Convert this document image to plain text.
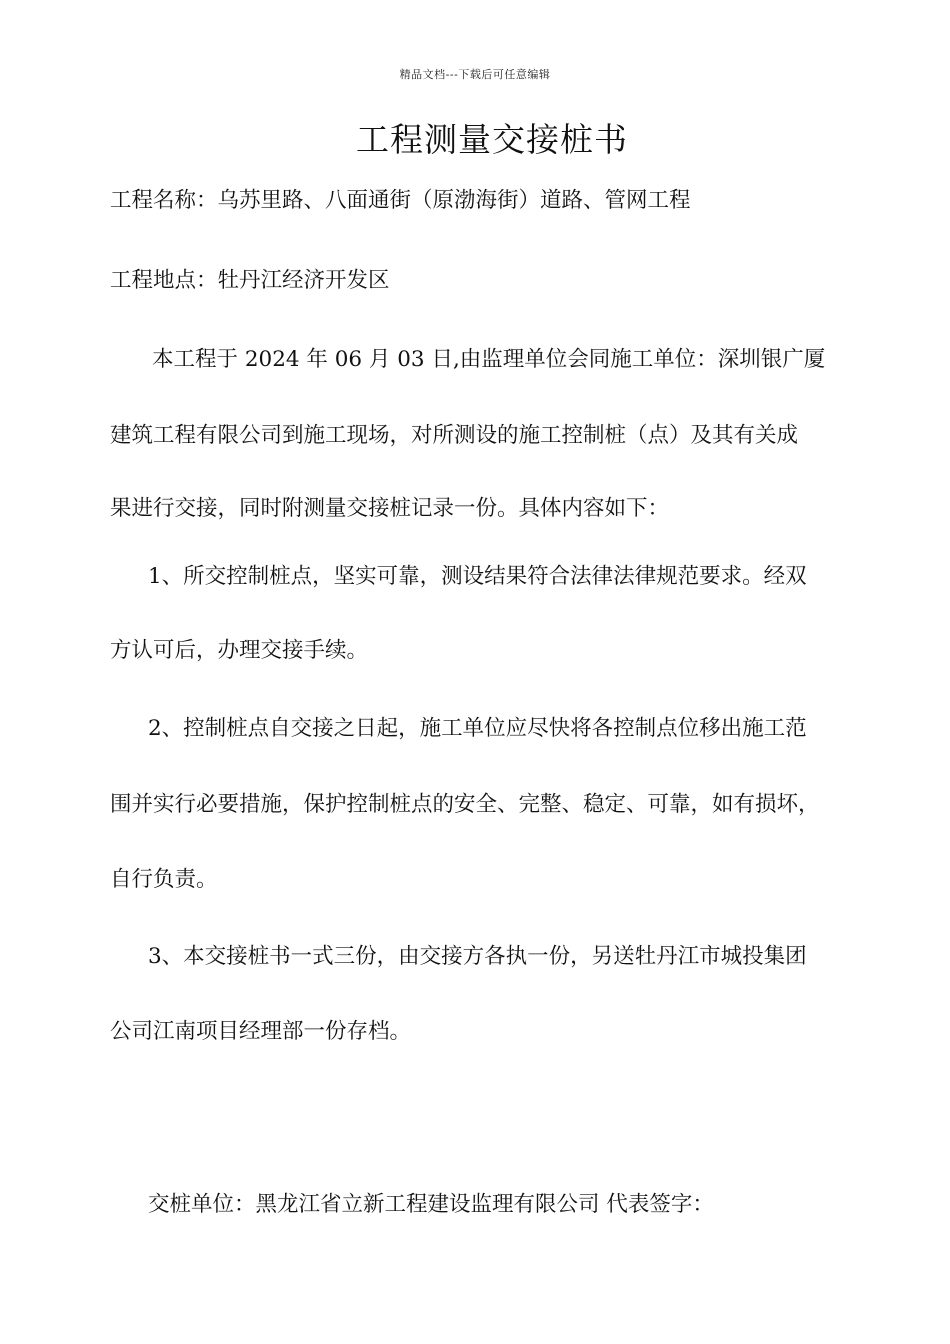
精品文档---下载后可任意编辑
工程测量交接桩书
工程名称：乌苏里路、八面通街（原渤海街）道路、管网工程
工程地点：牡丹江经济开发区
本工程于 2024 年 06 月 03 日,由监理单位会同施工单位：深圳银广厦
建筑工程有限公司到施工现场，对所测设的施工控制桩（点）及其有关成
果进行交接，同时附测量交接桩记录一份。具体内容如下：
1、所交控制桩点，坚实可靠，测设结果符合法律法律规范要求。经双
方认可后，办理交接手续。
2、控制桩点自交接之日起，施工单位应尽快将各控制点位移出施工范
围并实行必要措施，保护控制桩点的安全、完整、稳定、可靠，如有损坏，
自行负责。
3、本交接桩书一式三份，由交接方各执一份，另送牡丹江市城投集团
公司江南项目经理部一份存档。
交桩单位：黑龙江省立新工程建设监理有限公司 代表签字：
